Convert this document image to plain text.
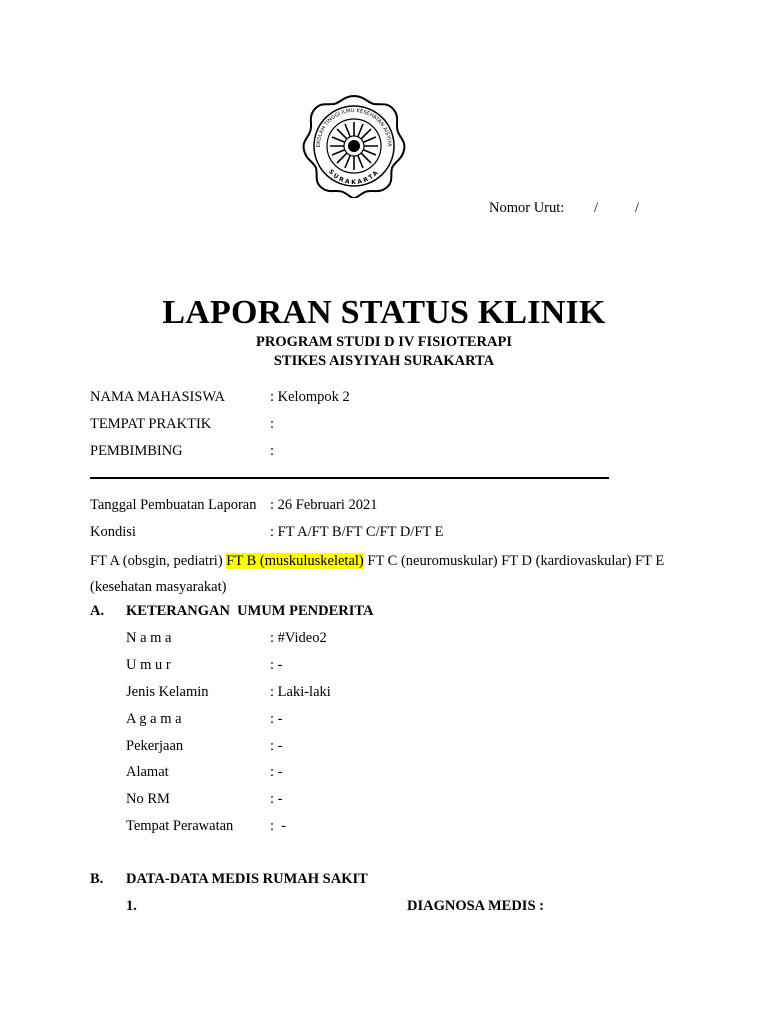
EKOLAH TINGGI ILMU KESEHATAN AISYIYA
SURAKARTA
Nomor Urut: /	/
LAPORAN STATUS KLINIK
PROGRAM STUDI D IV FISIOTERAPI
STIKES AISYIYAH SURAKARTA
NAMA MAHASISWA	: Kelompok 2
TEMPAT PRAKTIK	:
PEMBIMBING	:
Tanggal Pembuatan Laporan : 26 Februari 2021
Kondisi	: FT A/FT B/FT C/FT D/FT E
FT A (obsgin, pediatri) FT B (muskuluskeletal) FT C (neuromuskular) FT D (kardiovaskular) FT E (kesehatan masyarakat)
A. KETERANGAN  UMUM PENDERITA
N a m a	: #Video2
U m u r	: -
Jenis Kelamin	: Laki-laki
A g a m a	: -
Pekerjaan	: -
Alamat	: -
No RM	: -
Tempat Perawatan	:  -
B. DATA-DATA MEDIS RUMAH SAKIT
1.	DIAGNOSA MEDIS :
